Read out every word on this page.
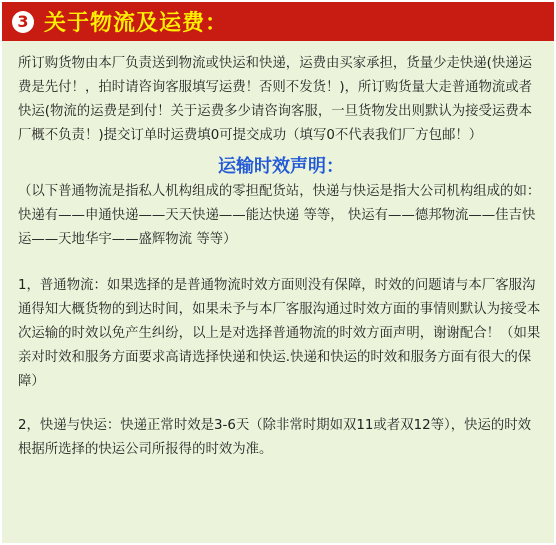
3 关于物流及运费：

所订购货物由本厂负责送到物流或快运和快递，运费由买家承担，货量少走快递(快递运费是先付！，拍时请咨询客服填写运费！否则不发货！)，所订购货量大走普通物流或者快运(物流的运费是到付！关于运费多少请咨询客服，一旦货物发出则默认为接受运费本厂概不负责！)提交订单时运费填0可提交成功（填写0不代表我们厂方包邮！）

运输时效声明：

（以下普通物流是指私人机构组成的零担配货站，快递与快运是指大公司机构组成的如：快递有——申通快递——天天快递——能达快递 等等， 快运有——德邦物流——佳吉快运——天地华宇——盛辉物流 等等）

1，普通物流：如果选择的是普通物流时效方面则没有保障，时效的问题请与本厂客服沟通得知大概货物的到达时间，如果未予与本厂客服沟通过时效方面的事情则默认为接受本次运输的时效以免产生纠纷，以上是对选择普通物流的时效方面声明，谢谢配合！（如果亲对时效和服务方面要求高请选择快递和快运.快递和快运的时效和服务方面有很大的保障）

2，快递与快运：快递正常时效是3-6天（除非常时期如双11或者双12等），快运的时效根据所选择的快运公司所报得的时效为准。
